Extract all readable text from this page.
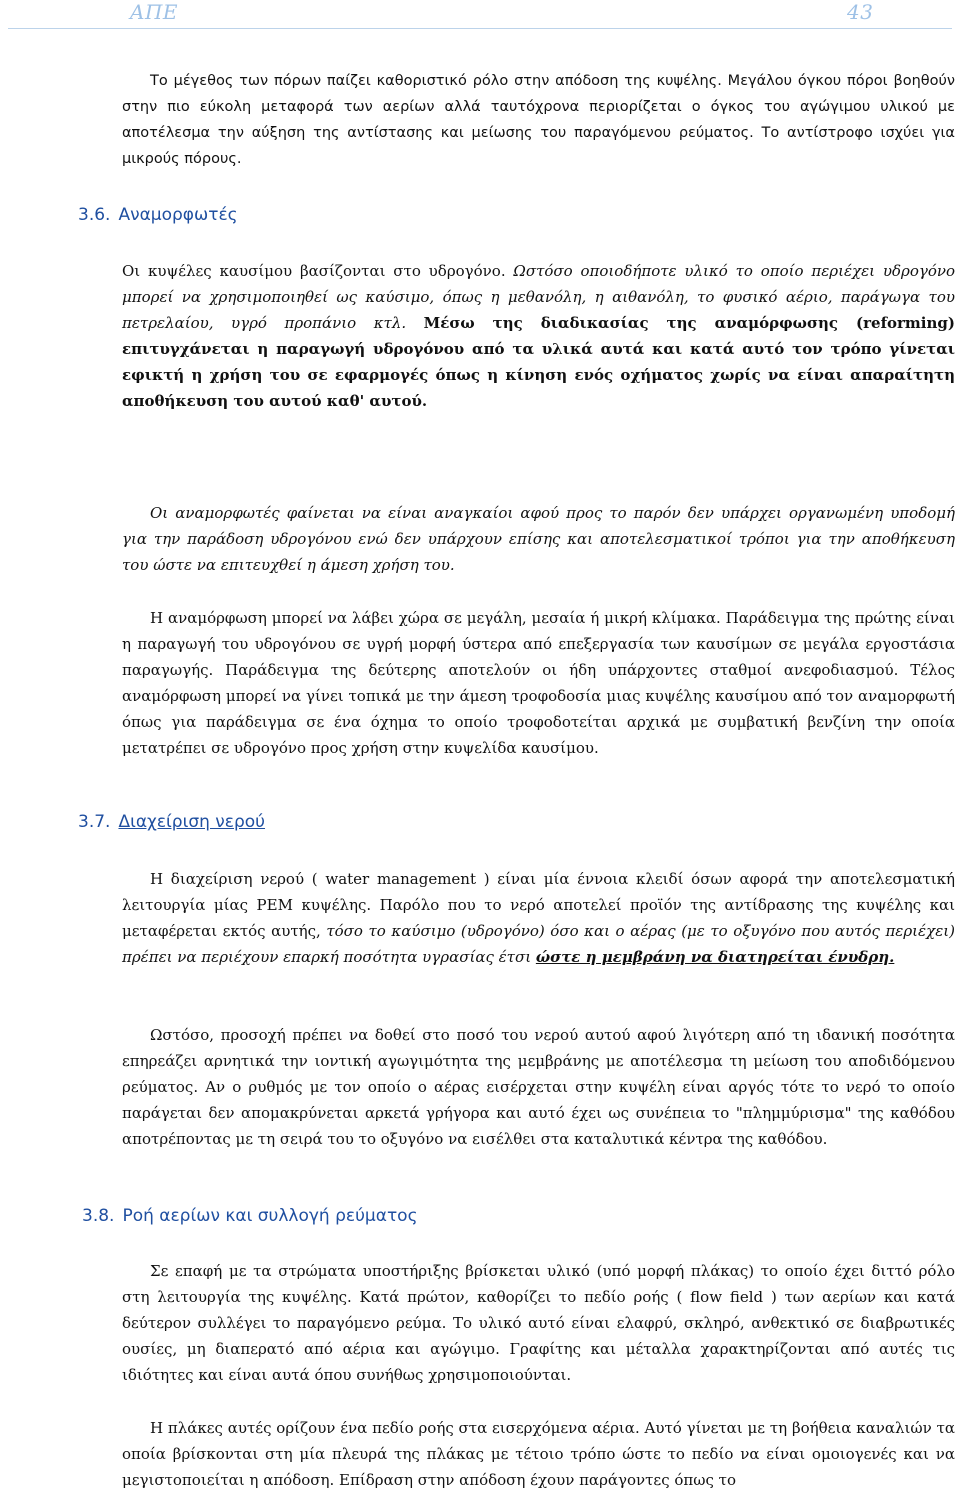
ΑΠΕ	43

Το μέγεθος των πόρων παίζει καθοριστικό ρόλο στην απόδοση της κυψέλης. Μεγάλου όγκου πόροι βοηθούν στην πιο εύκολη μεταφορά των αερίων αλλά ταυτόχρονα περιορίζεται ο όγκος του αγώγιμου υλικού με αποτέλεσμα την αύξηση της αντίστασης και μείωσης του παραγόμενου ρεύματος. Το αντίστροφο ισχύει για μικρούς πόρους.

3.6. Αναμορφωτές

Οι κυψέλες καυσίμου βασίζονται στο υδρογόνο. Ωστόσο οποιοδήποτε υλικό το οποίο περιέχει υδρογόνο μπορεί να χρησιμοποιηθεί ως καύσιμο, όπως η μεθανόλη, η αιθανόλη, το φυσικό αέριο, παράγωγα του πετρελαίου, υγρό προπάνιο κτλ. Μέσω της διαδικασίας της αναμόρφωσης (reforming) επιτυγχάνεται η παραγωγή υδρογόνου από τα υλικά αυτά και κατά αυτό τον τρόπο γίνεται εφικτή η χρήση του σε εφαρμογές όπως η κίνηση ενός οχήματος χωρίς να είναι απαραίτητη αποθήκευση του αυτού καθ' αυτού.

Οι αναμορφωτές φαίνεται να είναι αναγκαίοι αφού προς το παρόν δεν υπάρχει οργανωμένη υποδομή για την παράδοση υδρογόνου ενώ δεν υπάρχουν επίσης και αποτελεσματικοί τρόποι για την αποθήκευση του ώστε να επιτευχθεί η άμεση χρήση του.

Η αναμόρφωση μπορεί να λάβει χώρα σε μεγάλη, μεσαία ή μικρή κλίμακα. Παράδειγμα της πρώτης είναι η παραγωγή του υδρογόνου σε υγρή μορφή ύστερα από επεξεργασία των καυσίμων σε μεγάλα εργοστάσια παραγωγής. Παράδειγμα της δεύτερης αποτελούν οι ήδη υπάρχοντες σταθμοί ανεφοδιασμού. Τέλος αναμόρφωση μπορεί να γίνει τοπικά με την άμεση τροφοδοσία μιας κυψέλης καυσίμου από τον αναμορφωτή όπως για παράδειγμα σε ένα όχημα το οποίο τροφοδοτείται αρχικά με συμβατική βενζίνη την οποία μετατρέπει σε υδρογόνο προς χρήση στην κυψελίδα καυσίμου.

3.7. Διαχείριση νερού

Η διαχείριση νερού ( water management ) είναι μία έννοια κλειδί όσων αφορά την αποτελεσματική λειτουργία μίας PEM κυψέλης. Παρόλο που το νερό αποτελεί προϊόν της αντίδρασης της κυψέλης και μεταφέρεται εκτός αυτής, τόσο το καύσιμο (υδρογόνο) όσο και ο αέρας (με το οξυγόνο που αυτός περιέχει) πρέπει να περιέχουν επαρκή ποσότητα υγρασίας έτσι ώστε η μεμβράνη να διατηρείται ένυδρη.

Ωστόσο, προσοχή πρέπει να δοθεί στο ποσό του νερού αυτού αφού λιγότερη από τη ιδανική ποσότητα επηρεάζει αρνητικά την ιοντική αγωγιμότητα της μεμβράνης με αποτέλεσμα τη μείωση του αποδιδόμενου ρεύματος. Αν ο ρυθμός με τον οποίο ο αέρας εισέρχεται στην κυψέλη είναι αργός τότε το νερό το οποίο παράγεται δεν απομακρύνεται αρκετά γρήγορα και αυτό έχει ως συνέπεια το "πλημμύρισμα" της καθόδου αποτρέποντας με τη σειρά του το οξυγόνο να εισέλθει στα καταλυτικά κέντρα της καθόδου.

3.8. Ροή αερίων και συλλογή ρεύματος

Σε επαφή με τα στρώματα υποστήριξης βρίσκεται υλικό (υπό μορφή πλάκας) το οποίο έχει διττό ρόλο στη λειτουργία της κυψέλης. Κατά πρώτον, καθορίζει το πεδίο ροής ( flow field ) των αερίων και κατά δεύτερον συλλέγει το παραγόμενο ρεύμα. Το υλικό αυτό είναι ελαφρύ, σκληρό, ανθεκτικό σε διαβρωτικές ουσίες, μη διαπερατό από αέρια και αγώγιμο. Γραφίτης και μέταλλα χαρακτηρίζονται από αυτές τις ιδιότητες και είναι αυτά όπου συνήθως χρησιμοποιούνται.

Η πλάκες αυτές ορίζουν ένα πεδίο ροής στα εισερχόμενα αέρια. Αυτό γίνεται με τη βοήθεια καναλιών τα οποία βρίσκονται στη μία πλευρά της πλάκας με τέτοιο τρόπο ώστε το πεδίο να είναι ομοιογενές και να μεγιστοποιείται η απόδοση. Επίδραση στην απόδοση έχουν παράγοντες όπως το
